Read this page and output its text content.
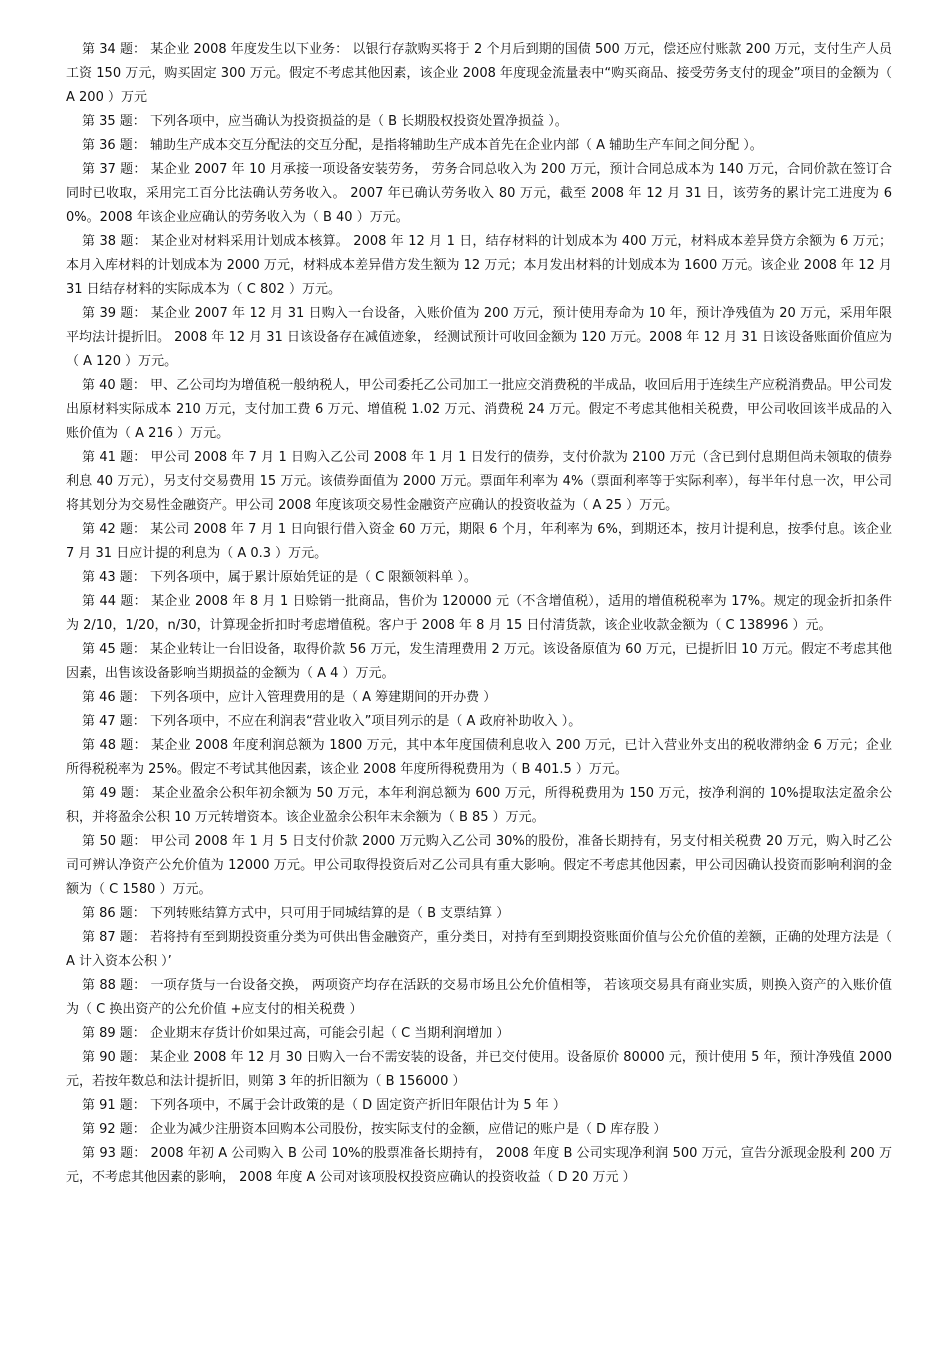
第 34 题： 某企业 2008 年度发生以下业务： 以银行存款购买将于 2 个月后到期的国债 500 万元，偿还应付账款 200 万元，支付生产人员工资 150 万元，购买固定 300 万元。假定不考虑其他因素，该企业 2008 年度现金流量表中“购买商品、接受劳务支付的现金”项目的金额为（ A 200 ）万元

第 35 题： 下列各项中，应当确认为投资损益的是（ B 长期股权投资处置净损益 ）。

第 36 题： 辅助生产成本交互分配法的交互分配，是指将辅助生产成本首先在企业内部（ A 辅助生产车间之间分配 ）。

第 37 题： 某企业 2007 年 10 月承接一项设备安装劳务， 劳务合同总收入为 200 万元，预计合同总成本为 140 万元，合同价款在签订合同时已收取，采用完工百分比法确认劳务收入。 2007 年已确认劳务收入 80 万元，截至 2008 年 12 月 31 日，该劳务的累计完工进度为 60%。2008 年该企业应确认的劳务收入为（ B 40 ）万元。

第 38 题： 某企业对材料采用计划成本核算。 2008 年 12 月 1 日，结存材料的计划成本为 400 万元，材料成本差异贷方余额为 6 万元；本月入库材料的计划成本为 2000 万元，材料成本差异借方发生额为 12 万元；本月发出材料的计划成本为 1600 万元。该企业 2008 年 12 月 31 日结存材料的实际成本为（ C 802 ）万元。

第 39 题： 某企业 2007 年 12 月 31 日购入一台设备，入账价值为 200 万元，预计使用寿命为 10 年，预计净残值为 20 万元，采用年限平均法计提折旧。 2008 年 12 月 31 日该设备存在减值迹象， 经测试预计可收回金额为 120 万元。2008 年 12 月 31 日该设备账面价值应为（ A 120 ）万元。

第 40 题： 甲、乙公司均为增值税一般纳税人，甲公司委托乙公司加工一批应交消费税的半成品，收回后用于连续生产应税消费品。甲公司发出原材料实际成本 210 万元，支付加工费 6 万元、增值税 1.02 万元、消费税 24 万元。假定不考虑其他相关税费，甲公司收回该半成品的入账价值为（ A 216 ）万元。

第 41 题： 甲公司 2008 年 7 月 1 日购入乙公司 2008 年 1 月 1 日发行的债券，支付价款为 2100 万元（含已到付息期但尚未领取的债券利息 40 万元），另支付交易费用 15 万元。该债券面值为 2000 万元。票面年利率为 4%（票面利率等于实际利率），每半年付息一次，甲公司将其划分为交易性金融资产。甲公司 2008 年度该项交易性金融资产应确认的投资收益为（ A 25 ）万元。

第 42 题： 某公司 2008 年 7 月 1 日向银行借入资金 60 万元，期限 6 个月，年利率为 6%，到期还本，按月计提利息，按季付息。该企业 7 月 31 日应计提的利息为（ A 0.3 ）万元。

第 43 题： 下列各项中，属于累计原始凭证的是（ C 限额领料单 ）。

第 44 题： 某企业 2008 年 8 月 1 日赊销一批商品，售价为 120000 元（不含增值税），适用的增值税税率为 17%。规定的现金折扣条件为 2/10，1/20，n/30，计算现金折扣时考虑增值税。客户于 2008 年 8 月 15 日付清货款，该企业收款金额为（ C 138996 ）元。

第 45 题： 某企业转让一台旧设备，取得价款 56 万元，发生清理费用 2 万元。该设备原值为 60 万元，已提折旧 10 万元。假定不考虑其他因素，出售该设备影响当期损益的金额为（ A 4 ）万元。

第 46 题： 下列各项中，应计入管理费用的是（ A 筹建期间的开办费 ）

第 47 题： 下列各项中，不应在利润表“营业收入”项目列示的是（ A 政府补助收入 ）。

第 48 题： 某企业 2008 年度利润总额为 1800 万元，其中本年度国债利息收入 200 万元，已计入营业外支出的税收滞纳金 6 万元；企业所得税税率为 25%。假定不考试其他因素，该企业 2008 年度所得税费用为（ B 401.5 ）万元。

第 49 题： 某企业盈余公积年初余额为 50 万元，本年利润总额为 600 万元，所得税费用为 150 万元，按净利润的 10%提取法定盈余公积，并将盈余公积 10 万元转增资本。该企业盈余公积年末余额为（ B 85 ）万元。

第 50 题： 甲公司 2008 年 1 月 5 日支付价款 2000 万元购入乙公司 30%的股份，准备长期持有，另支付相关税费 20 万元，购入时乙公司可辨认净资产公允价值为 12000 万元。甲公司取得投资后对乙公司具有重大影响。假定不考虑其他因素，甲公司因确认投资而影响利润的金额为（ C 1580 ）万元。

第 86 题： 下列转账结算方式中，只可用于同城结算的是（ B 支票结算 ）

第 87 题： 若将持有至到期投资重分类为可供出售金融资产，重分类日，对持有至到期投资账面价值与公允价值的差额，正确的处理方法是（ A 计入资本公积 ）’

第 88 题： 一项存货与一台设备交换， 两项资产均存在活跃的交易市场且公允价值相等， 若该项交易具有商业实质，则换入资产的入账价值为（ C 换出资产的公允价值 +应支付的相关税费 ）

第 89 题： 企业期末存货计价如果过高，可能会引起（ C 当期利润增加 ）

第 90 题： 某企业 2008 年 12 月 30 日购入一台不需安装的设备，并已交付使用。设备原价 80000 元，预计使用 5 年，预计净残值 2000 元，若按年数总和法计提折旧，则第 3 年的折旧额为（ B 156000 ）

第 91 题： 下列各项中，不属于会计政策的是（ D 固定资产折旧年限估计为 5 年 ）

第 92 题： 企业为减少注册资本回购本公司股份，按实际支付的金额，应借记的账户是（ D 库存股 ）

第 93 题： 2008 年初 A 公司购入 B 公司 10%的股票准备长期持有， 2008 年度 B 公司实现净利润 500 万元，宣告分派现金股利 200 万元，不考虑其他因素的影响， 2008 年度 A 公司对该项股权投资应确认的投资收益（ D 20 万元 ）
